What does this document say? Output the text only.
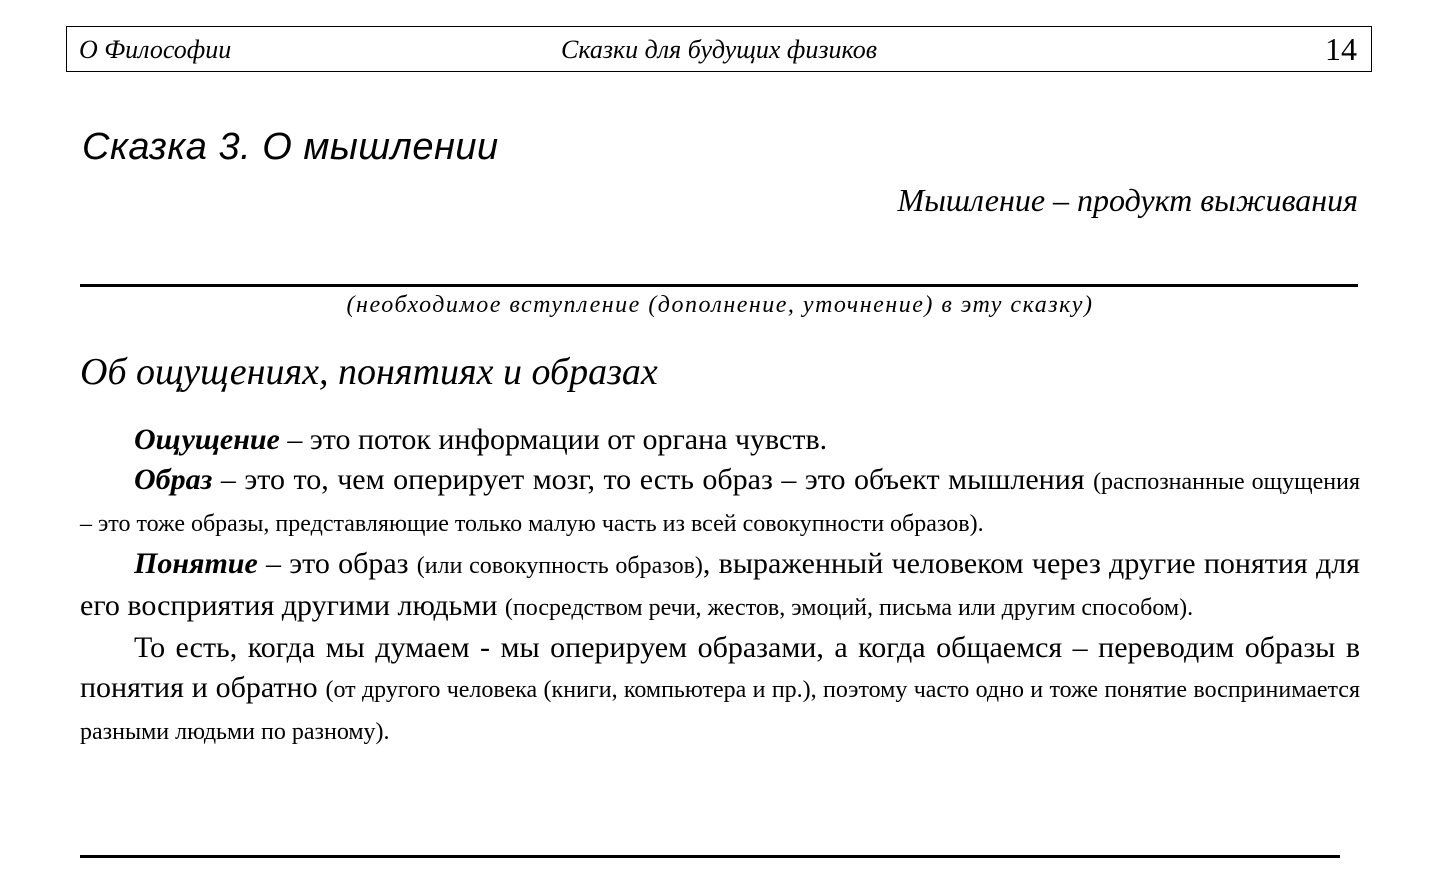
О Философии	Сказки для будущих физиков	14
Сказка 3. О мышлении
Мышление – продукт выживания
(необходимое вступление (дополнение, уточнение) в эту сказку)
Об ощущениях, понятиях и образах

Ощущение – это поток информации от органа чувств.

Образ – это то, чем оперирует мозг, то есть образ – это объект мышления (распознанные ощущения – это тоже образы, представляющие только малую часть из всей совокупности образов).

Понятие – это образ (или совокупность образов), выраженный человеком через другие понятия для его восприятия другими людьми (посредством речи, жестов, эмоций, письма или другим способом).

То есть, когда мы думаем - мы оперируем образами, а когда общаемся – переводим образы в понятия и обратно (от другого человека (книги, компьютера и пр.), поэтому часто одно и тоже понятие воспринимается разными людьми по разному).
